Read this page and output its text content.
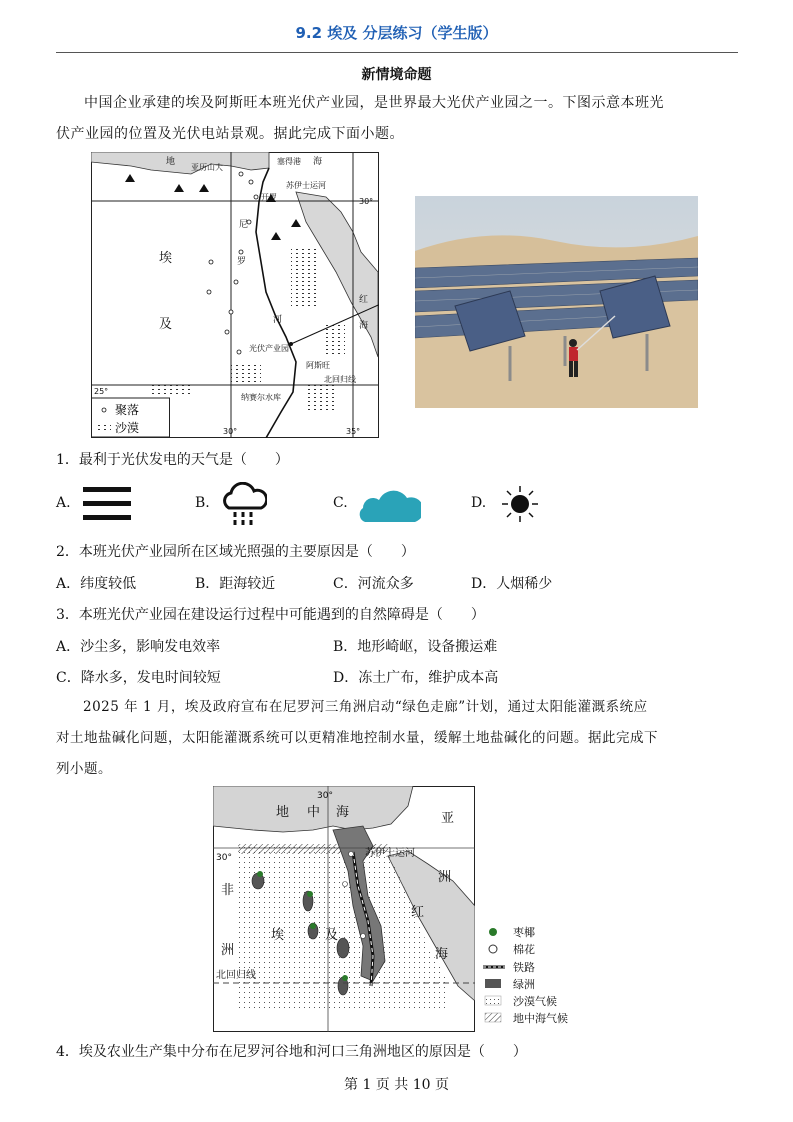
9.2 埃及 分层练习（学生版）
新情境命题
中国企业承建的埃及阿斯旺本班光伏产业园，是世界最大光伏产业园之一。下图示意本班光
伏产业园的位置及光伏电站景观。据此完成下面小题。
地
亚历山大
塞得港 海
苏伊士运河
开罗	30°
尼
罗
河
埃
及
红
海
光伏产业园
阿斯旺
北回归线
纳赛尔水库
25°
30°	35°
聚落
沙漠
1．最利于光伏发电的天气是（　　）
A.	B.	C.	D.
2．本班光伏产业园所在区域光照强的主要原因是（　　）
A．纬度较低	B．距海较近	C．河流众多	D．人烟稀少
3．本班光伏产业园在建设运行过程中可能遇到的自然障碍是（　　）
A．沙尘多，影响发电效率	B．地形崎岖，设备搬运难
C．降水多，发电时间较短	D．冻土广布，维护成本高
2025 年 1 月，埃及政府宣布在尼罗河三角洲启动“绿色走廊”计划，通过太阳能灌溉系统应
对土地盐碱化问题，太阳能灌溉系统可以更精准地控制水量，缓解土地盐碱化的问题。据此完成下
列小题。
30°
30°
地 中 海	亚
洲
苏伊士运河
非
洲
红
海
埃	及
北回归线
枣椰
棉花
铁路
绿洲
沙漠气候
地中海气候
4．埃及农业生产集中分布在尼罗河谷地和河口三角洲地区的原因是（　　）
第 1 页 共 10 页
